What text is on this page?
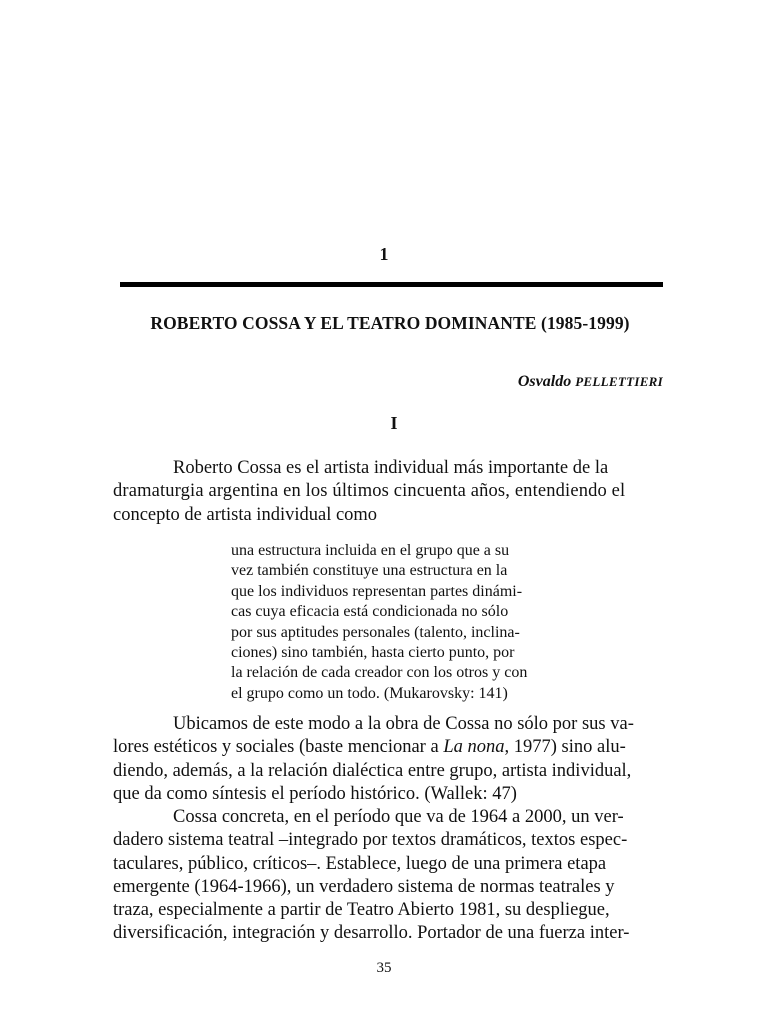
1
ROBERTO COSSA Y EL TEATRO DOMINANTE (1985-1999)
Osvaldo PELLETTIERI
I
Roberto Cossa es el artista individual más importante de la
dramaturgia argentina en los últimos cincuenta años, entendiendo el
concepto de artista individual como
una estructura incluida en el grupo que a su
vez también constituye una estructura en la
que los individuos representan partes dinámi-
cas cuya eficacia está condicionada no sólo
por sus aptitudes personales (talento, inclina-
ciones) sino también, hasta cierto punto, por
la relación de cada creador con los otros y con
el grupo como un todo. (Mukarovsky: 141)
Ubicamos de este modo a la obra de Cossa no sólo por sus va-
lores estéticos y sociales (baste mencionar a La nona, 1977) sino alu-
diendo, además, a la relación dialéctica entre grupo, artista individual,
que da como síntesis el período histórico. (Wallek: 47)
Cossa concreta, en el período que va de 1964 a 2000, un ver-
dadero sistema teatral –integrado por textos dramáticos, textos espec-
taculares, público, críticos–. Establece, luego de una primera etapa
emergente (1964-1966), un verdadero sistema de normas teatrales y
traza, especialmente a partir de Teatro Abierto 1981, su despliegue,
diversificación, integración y desarrollo. Portador de una fuerza inter-
35
